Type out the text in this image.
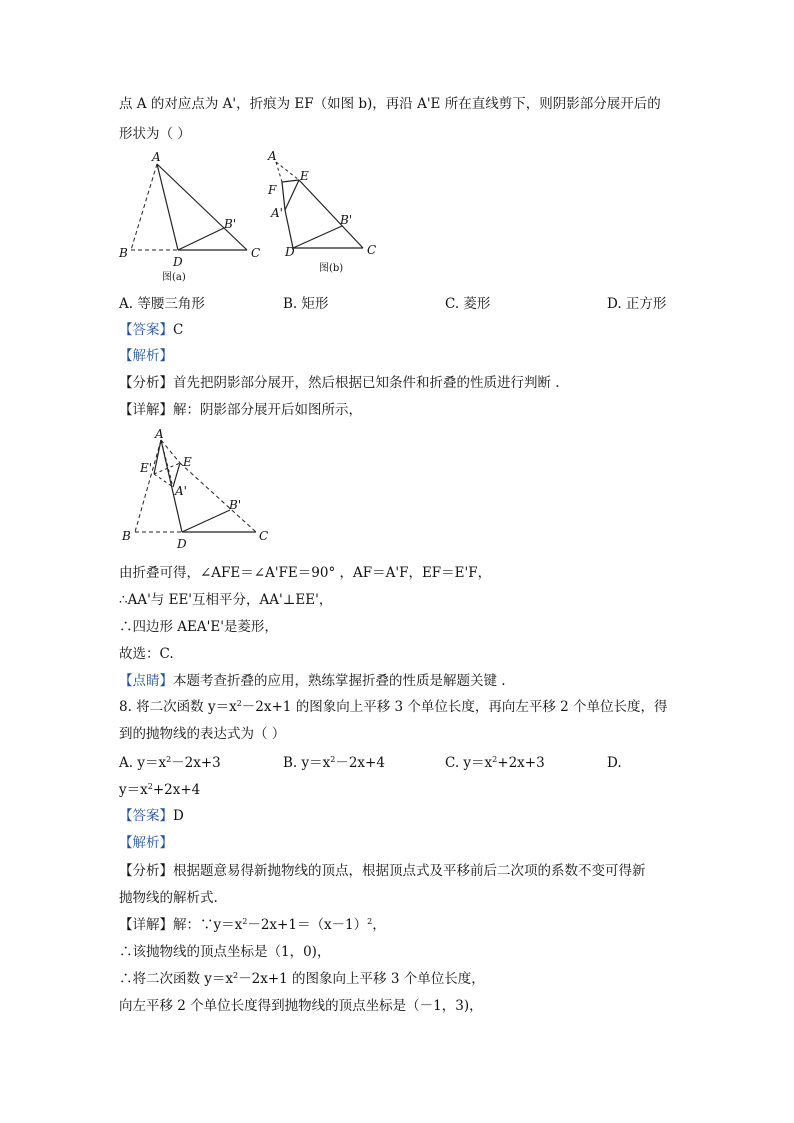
点 A 的对应点为 A'，折痕为 EF（如图 b)，再沿 A'E 所在直线剪下，则阴影部分展开后的
形状为（ ）
A
B	C
D
B'
图(a)
A
F
E
A'	B'
D	C
图(b)
A. 等腰三角形	B. 矩形	C. 菱形	D. 正方形
【答案】C
【解析】
【分析】首先把阴影部分展开，然后根据已知条件和折叠的性质进行判断 .
【详解】解：阴影部分展开后如图所示，
A
E'	E
A'
B'
B
D
C
由折叠可得，∠AFE＝∠A'FE＝90° ，AF＝A'F，EF＝E'F，
∴AA'与 EE'互相平分，AA'⊥EE'，
∴四边形 AEA'E'是菱形，
故选：C.
【点睛】本题考查折叠的应用，熟练掌握折叠的性质是解题关键 .
8. 将二次函数 $y=x^2-2x+1$ 的图象向上平移 3 个单位长度，再向左平移 2 个单位长度，得
到的抛物线的表达式为（ ）
A. $y=x^2-2x+3$	B. $y=x^2-2x+4$	C. $y=x^2+2x+3$	D.
$y=x^2+2x+4$
【答案】D
【解析】
【分析】根据题意易得新抛物线的顶点，根据顶点式及平移前后二次项的系数不变可得新
抛物线的解析式.
【详解】解：$\because y=x^2-2x+1=(x-1)^2$，
∴该抛物线的顶点坐标是（1，0)，
∴将二次函数 $y=x^2-2x+1$ 的图象向上平移 3 个单位长度，
向左平移 2 个单位长度得到抛物线的顶点坐标是（－1，3)，
